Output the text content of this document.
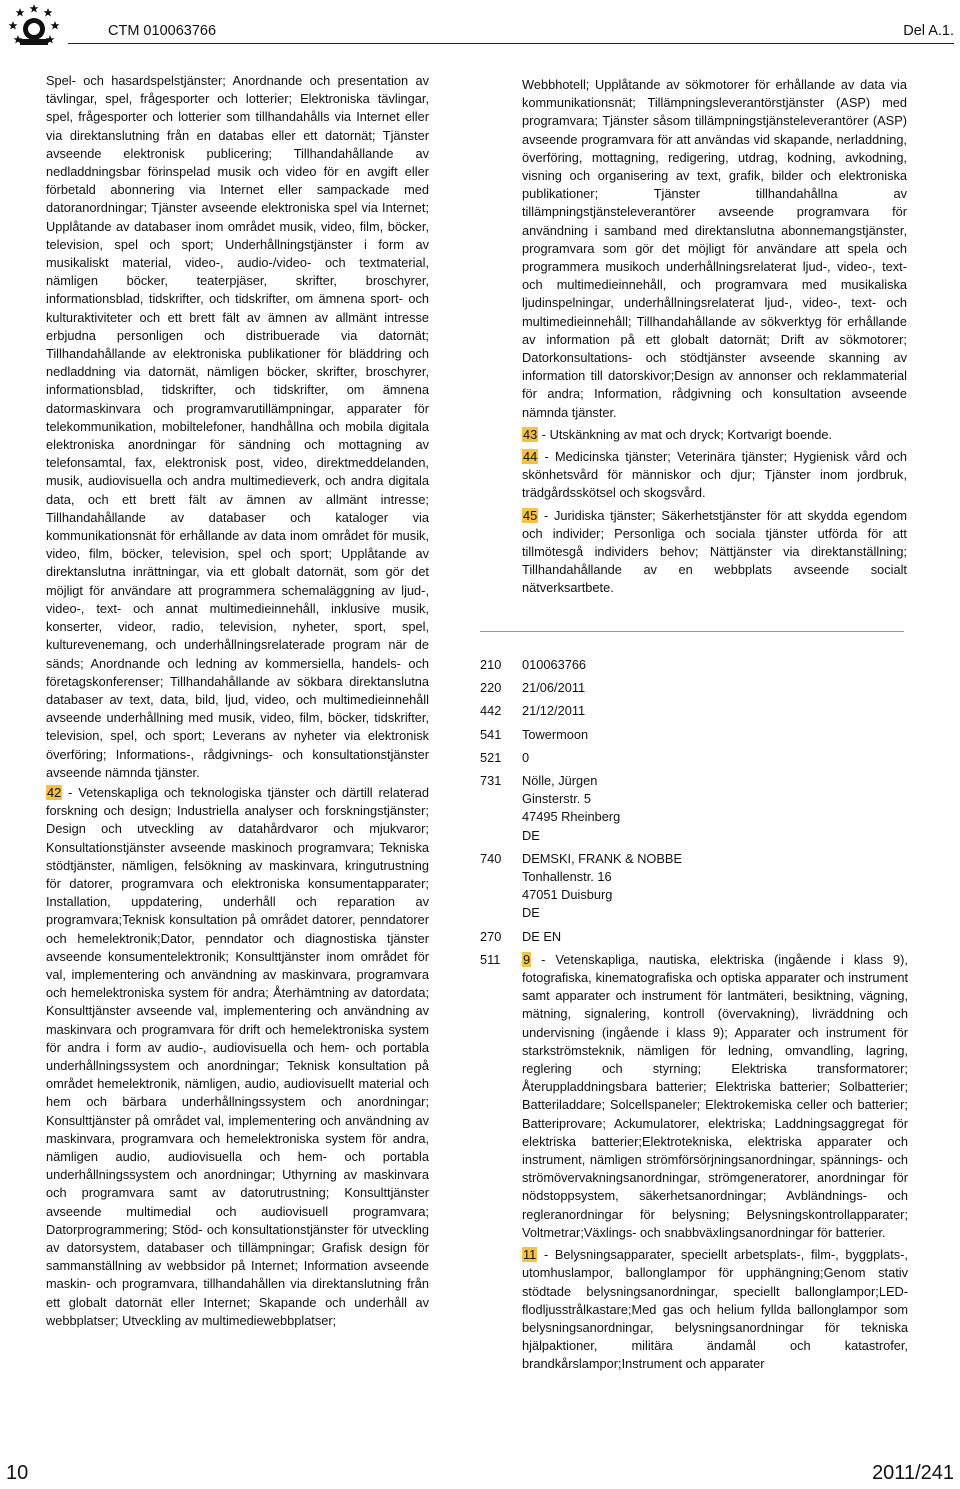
CTM 010063766	Del A.1.

Spel- och hasardspelstjänster; Anordnande och presentation av tävlingar, spel, frågesporter och lotterier; Elektroniska tävlingar, spel, frågesporter och lotterier som tillhandahålls via Internet eller via direktanslutning från en databas eller ett datornät; Tjänster avseende elektronisk publicering; Tillhandahållande av nedladdningsbar förinspelad musik och video för en avgift eller förbetald abonnering via Internet eller sampackade med datoranordningar; Tjänster avseende elektroniska spel via Internet; Upplåtande av databaser inom området musik, video, film, böcker, television, spel och sport; Underhållningstjänster i form av musikaliskt material, video-, audio-/video- och textmaterial, nämligen böcker, teaterpjäser, skrifter, broschyrer, informationsblad, tidskrifter, och tidskrifter, om ämnena sport- och kulturaktiviteter och ett brett fält av ämnen av allmänt intresse erbjudna personligen och distribuerade via datornät; Tillhandahållande av elektroniska publikationer för bläddring och nedladdning via datornät, nämligen böcker, skrifter, broschyrer, informationsblad, tidskrifter, och tidskrifter, om ämnena datormaskinvara och programvarutillämpningar, apparater för telekommunikation, mobiltelefoner, handhållna och mobila digitala elektroniska anordningar för sändning och mottagning av telefonsamtal, fax, elektronisk post, video, direktmeddelanden, musik, audiovisuella och andra multimedieverk, och andra digitala data, och ett brett fält av ämnen av allmänt intresse; Tillhandahållande av databaser och kataloger via kommunikationsnät för erhållande av data inom området för musik, video, film, böcker, television, spel och sport; Upplåtande av direktanslutna inrättningar, via ett globalt datornät, som gör det möjligt för användare att programmera schemaläggning av ljud-, video-, text- och annat multimedieinnehåll, inklusive musik, konserter, videor, radio, television, nyheter, sport, spel, kulturevenemang, och underhållningsrelaterade program när de sänds; Anordnande och ledning av kommersiella, handels- och företagskonferenser; Tillhandahållande av sökbara direktanslutna databaser av text, data, bild, ljud, video, och multimedieinnehåll avseende underhållning med musik, video, film, böcker, tidskrifter, television, spel, och sport; Leverans av nyheter via elektronisk överföring; Informations-, rådgivnings- och konsultationstjänster avseende nämnda tjänster.

42 - Vetenskapliga och teknologiska tjänster och därtill relaterad forskning och design; Industriella analyser och forskningstjänster; Design och utveckling av datahårdvaror och mjukvaror; Konsultationstjänster avseende maskinoch programvara; Tekniska stödtjänster, nämligen, felsökning av maskinvara, kringutrustning för datorer, programvara och elektroniska konsumentapparater; Installation, uppdatering, underhåll och reparation av programvara;Teknisk konsultation på området datorer, penndatorer och hemelektronik;Dator, penndator och diagnostiska tjänster avseende konsumentelektronik; Konsulttjänster inom området för val, implementering och användning av maskinvara, programvara och hemelektroniska system för andra; Återhämtning av datordata; Konsulttjänster avseende val, implementering och användning av maskinvara och programvara för drift och hemelektroniska system för andra i form av audio-, audiovisuella och hem- och portabla underhållningssystem och anordningar; Teknisk konsultation på området hemelektronik, nämligen, audio, audiovisuellt material och hem och bärbara underhållningssystem och anordningar; Konsulttjänster på området val, implementering och användning av maskinvara, programvara och hemelektroniska system för andra, nämligen audio, audiovisuella och hem- och portabla underhållningssystem och anordningar; Uthyrning av maskinvara och programvara samt av datorutrustning; Konsulttjänster avseende multimedial och audiovisuell programvara; Datorprogrammering; Stöd- och konsultationstjänster för utveckling av datorsystem, databaser och tillämpningar; Grafisk design för sammanställning av webbsidor på Internet; Information avseende maskin- och programvara, tillhandahållen via direktanslutning från ett globalt datornät eller Internet; Skapande och underhåll av webbplatser; Utveckling av multimediewebbplatser;

Webbhotell; Upplåtande av sökmotorer för erhållande av data via kommunikationsnät; Tillämpningsleverantörstjänster (ASP) med programvara; Tjänster såsom tillämpningstjänsteleverantörer (ASP) avseende programvara för att användas vid skapande, nerladdning, överföring, mottagning, redigering, utdrag, kodning, avkodning, visning och organisering av text, grafik, bilder och elektroniska publikationer; Tjänster tillhandahållna av tillämpningstjänsteleverantörer avseende programvara för användning i samband med direktanslutna abonnemangstjänster, programvara som gör det möjligt för användare att spela och programmera musikoch underhållningsrelaterat ljud-, video-, text- och multimedieinnehåll, och programvara med musikaliska ljudinspelningar, underhållningsrelaterat ljud-, video-, text- och multimedieinnehåll; Tillhandahållande av sökverktyg för erhållande av information på ett globalt datornät; Drift av sökmotorer; Datorkonsultations- och stödtjänster avseende skanning av information till datorskivor;Design av annonser och reklammaterial för andra; Information, rådgivning och konsultation avseende nämnda tjänster.

43 - Utskänkning av mat och dryck; Kortvarigt boende.

44 - Medicinska tjänster; Veterinära tjänster; Hygienisk vård och skönhetsvård för människor och djur; Tjänster inom jordbruk, trädgårdsskötsel och skogsvård.

45 - Juridiska tjänster; Säkerhetstjänster för att skydda egendom och individer; Personliga och sociala tjänster utförda för att tillmötesgå individers behov; Nättjänster via direktanställning; Tillhandahållande av en webbplats avseende socialt nätverksartbete.

210	010063766
220	21/06/2011
442	21/12/2011
541	Towermoon
521	0
731	Nölle, Jürgen
Ginsterstr. 5
47495 Rheinberg
DE
740	DEMSKI, FRANK & NOBBE
Tonhallenstr. 16
47051 Duisburg
DE
270	DE EN
511	9 - Vetenskapliga, nautiska, elektriska (ingående i klass 9), fotografiska, kinematografiska och optiska apparater och instrument samt apparater och instrument för lantmäteri, besiktning, vägning, mätning, signalering, kontroll (övervakning), livräddning och undervisning (ingående i klass 9); Apparater och instrument för starkströmsteknik, nämligen för ledning, omvandling, lagring, reglering och styrning; Elektriska transformatorer; Återuppladdningsbara batterier; Elektriska batterier; Solbatterier; Batteriladdare; Solcellspaneler; Elektrokemiska celler och batterier; Batteriprovare; Ackumulatorer, elektriska; Laddningsaggregat för elektriska batterier;Elektrotekniska, elektriska apparater och instrument, nämligen strömförsörjningsanordningar, spännings- och strömövervakningsanordningar, strömgeneratorer, anordningar för nödstoppsystem, säkerhetsanordningar; Avbländnings- och regleranordningar för belysning; Belysningskontrollapparater; Voltmetrar;Växlings- och snabbväxlingsanordningar för batterier.

11 - Belysningsapparater, speciellt arbetsplats-, film-, byggplats-, utomhuslampor, ballonglampor för upphängning;Genom stativ stödtade belysningsanordningar, speciellt ballonglampor;LED-flodljusstrålkastare;Med gas och helium fyllda ballonglampor som belysningsanordningar, belysningsanordningar för tekniska hjälpaktioner, militära ändamål och katastrofer, brandkårslampor;Instrument och apparater

10	2011/241
